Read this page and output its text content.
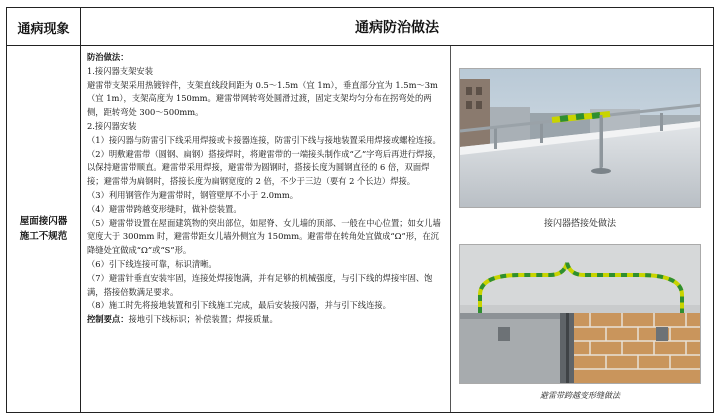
通病现象	通病防治做法
屋面接闪器施工不规范

防治做法：

1.接闪器支架安装

避雷带支架采用热镀锌件，支架直线段间距为 0.5～1.5m（宜 1m），垂直部分宜为 1.5m～3m（宜 1m），支架高度为 150mm。避雷带网转弯处圆滑过渡，固定支架均匀分布在拐弯处的两侧，距转弯处 300～500mm。

2.接闪器安装

（1）接闪器与防雷引下线采用焊接或卡接器连接，防雷引下线与接地装置采用焊接或螺栓连接。

（2）明敷避雷带（圆钢、扁钢）搭接焊时，将避雷带的一端接头制作成“乙”字弯后再进行焊接，以保持避雷带顺直。避雷带采用焊接，避雷带为圆钢时，搭接长度为圆钢直径的 6 倍，双面焊接；避雷带为扁钢时，搭接长度为扁钢宽度的 2 倍，不少于三边（要有 2 个长边）焊接。

（3）利用钢管作为避雷带时，钢管壁厚不小于 2.0mm。

（4）避雷带跨越变形缝时，做补偿装置。

（5）避雷带设置在屋面建筑物的突出部位，如屋脊、女儿墙的顶部、一般在中心位置；如女儿墙宽度大于 300mm 时，避雷带距女儿墙外侧宜为 150mm。避雷带在转角处宜做成“Ω”形，在沉降缝处宜做成“Ω”或“S”形。

（6）引下线连接可靠，标识清晰。

（7）避雷针垂直安装牢固，连接处焊接饱满，并有足够的机械强度，与引下线的焊接牢固、饱满，搭接倍数满足要求。

（8）施工时先将接地装置和引下线施工完成，最后安装接闪器，并与引下线连接。

控制要点：接地引下线标识；补偿装置；焊接质量。

接闪器搭接处做法
避雷带跨越变形缝做法
